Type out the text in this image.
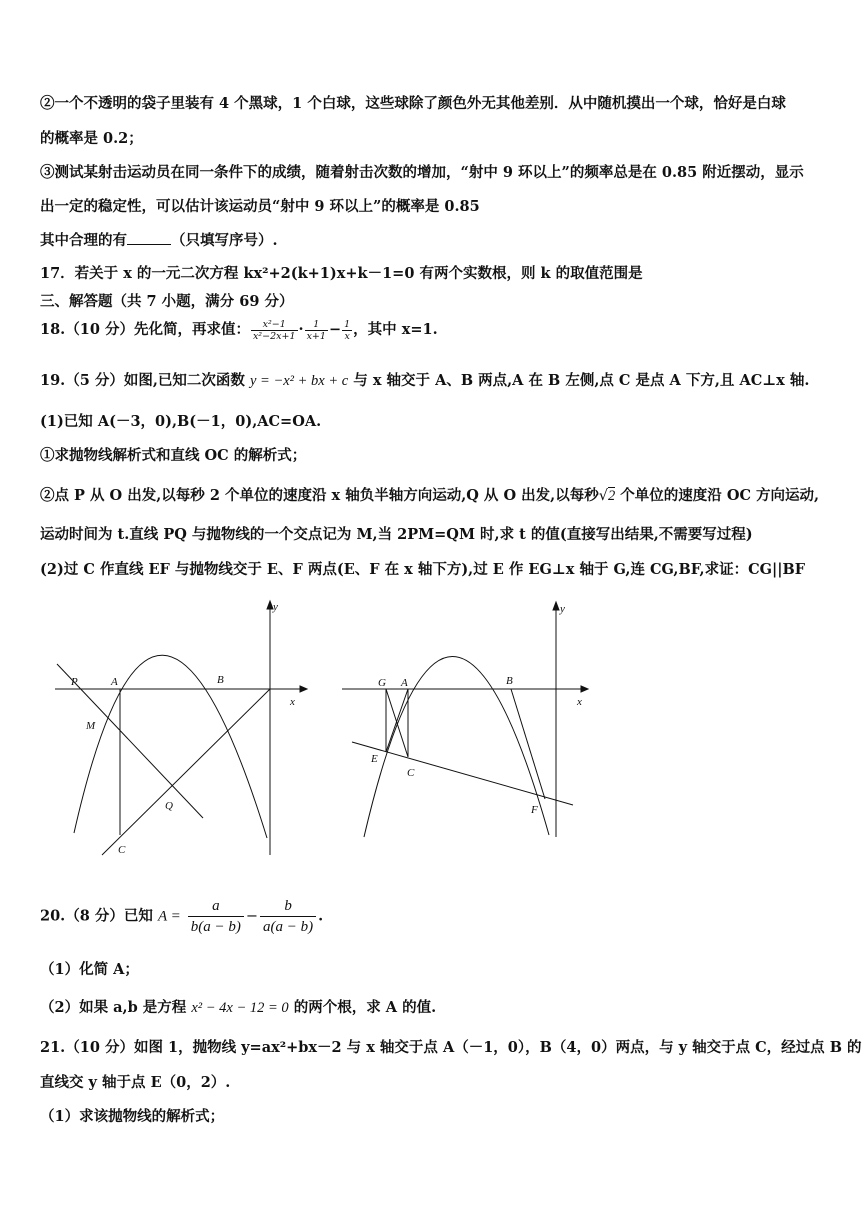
②一个不透明的袋子里装有 4 个黑球，1 个白球，这些球除了颜色外无其他差别．从中随机摸出一个球，恰好是白球
的概率是 0.2；
③测试某射击运动员在同一条件下的成绩，随着射击次数的增加，“射中 9 环以上”的频率总是在 0.85 附近摆动，显示
出一定的稳定性，可以估计该运动员“射中 9 环以上”的概率是 0.85
其中合理的有	（只填写序号）.
17．若关于 x 的一元二次方程 kx²+2(k+1)x+k－1=0 有两个实数根，则 k 的取值范围是
三、解答题（共 7 小题，满分 69 分）
18.（10 分）先化简，再求值： $\frac{\text{x²−1}}{\text{x²−2x+1}} \cdot \frac{1}{x+1} - \frac{1}{x}$ ，其中 x=1.
19.（5 分）如图,已知二次函数 y = −x² + bx + c 与 x 轴交于 A、B 两点,A 在 B 左侧,点 C 是点 A 下方,且 AC⊥x 轴.
(1)已知 A(－3，0),B(－1，0),AC=OA.
①求抛物线解析式和直线 OC 的解析式；
②点 P 从 O 出发,以每秒 2 个单位的速度沿 x 轴负半轴方向运动,Q 从 O 出发,以每秒√2 个单位的速度沿 OC 方向运动,
运动时间为 t.直线 PQ 与抛物线的一个交点记为 M,当 2PM=QM 时,求 t 的值(直接写出结果,不需要写过程)
(2)过 C 作直线 EF 与抛物线交于 E、F 两点(E、F 在 x 轴下方),过 E 作 EG⊥x 轴于 G,连 CG,BF,求证：CG||BF
P	A	B
M
Q
C
x
y
G A	B
E
C
F
x
y
20.（8 分）已知 $A = \frac{a}{b(a - b)} - \frac{b}{a(a - b)}$ .
（1）化简 A；
（2）如果 a,b 是方程 x² − 4x − 12 = 0 的两个根，求 A 的值.
21.（10 分）如图 1，抛物线 y=ax²+bx－2 与 x 轴交于点 A（－1，0），B（4，0）两点，与 y 轴交于点 C，经过点 B 的
直线交 y 轴于点 E（0，2）.
（1）求该抛物线的解析式；
